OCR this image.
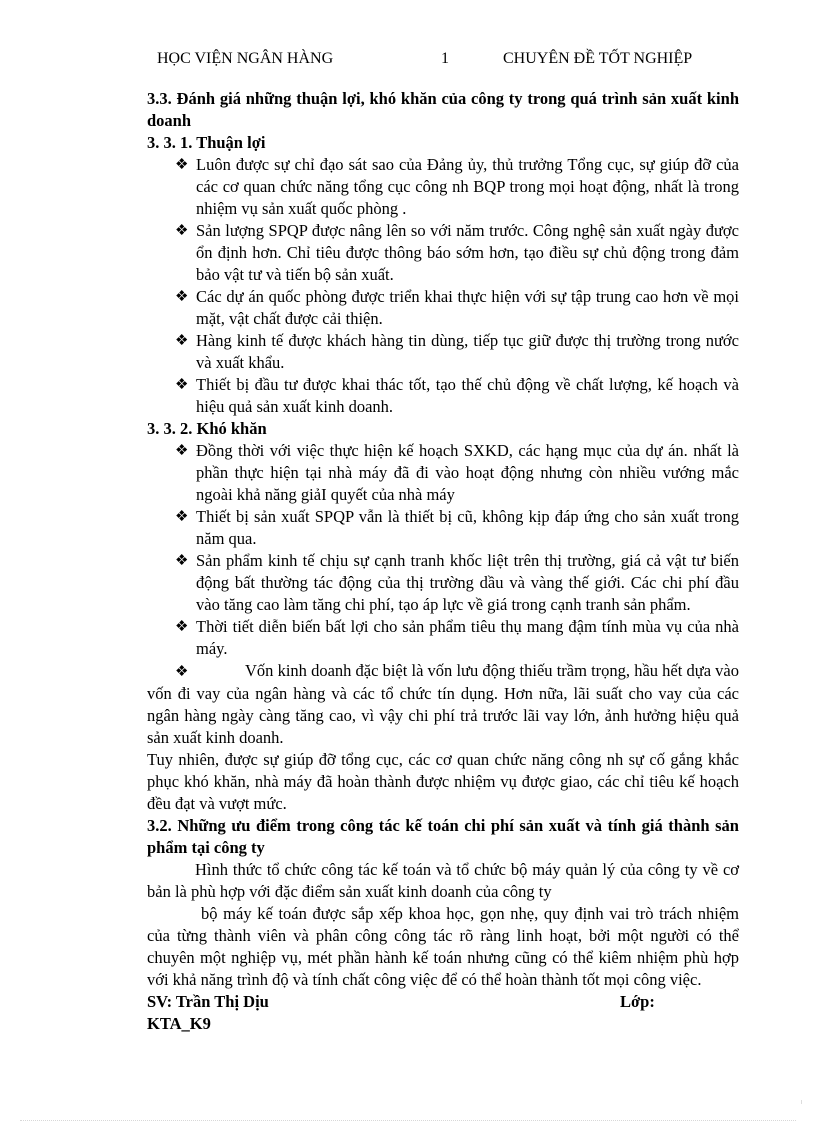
HỌC VIỆN NGÂN HÀNG	1	CHUYÊN ĐỀ TỐT NGHIỆP
3.3. Đánh giá những thuận lợi, khó khăn của công ty trong quá trình sản xuất kinh doanh
3. 3. 1. Thuận lợi
❖ Luôn được sự chỉ đạo sát sao của Đảng ủy, thủ trưởng Tổng cục, sự giúp đỡ của các cơ quan chức năng tổng cục công nh BQP trong mọi hoạt động, nhất là trong nhiệm vụ sản xuất quốc phòng .
❖ Sản lượng SPQP được nâng lên so với năm trước. Công nghệ sản xuất ngày được ổn định hơn. Chỉ tiêu được thông báo sớm hơn, tạo điều sự chủ động trong đảm bảo vật tư và tiến bộ sản xuất.
❖ Các dự án quốc phòng được triển khai thực hiện với sự tập trung cao hơn về mọi mặt, vật chất được cải thiện.
❖ Hàng kinh tế được khách hàng tin dùng, tiếp tục giữ được thị trường trong nước và xuất khẩu.
❖ Thiết bị đầu tư được khai thác tốt, tạo thế chủ động về chất lượng, kế hoạch và hiệu quả sản xuất kinh doanh.
3. 3. 2. Khó khăn
❖ Đồng thời với việc thực hiện kế hoạch SXKD, các hạng mục của dự án. nhất là phần thực hiện tại nhà máy đã đi vào hoạt động nhưng còn nhiều vướng mắc ngoài khả năng giảI quyết của nhà máy
❖ Thiết bị sản xuất SPQP vẫn là thiết bị cũ, không kịp đáp ứng cho sản xuất trong năm qua.
❖ Sản phẩm kinh tế chịu sự cạnh tranh khốc liệt trên thị trường, giá cả vật tư biến động bất thường tác động của thị trường dầu và vàng thế giới. Các chi phí đầu vào tăng cao làm tăng chi phí, tạo áp lực về giá trong cạnh tranh sản phẩm.
❖ Thời tiết diễn biến bất lợi cho sản phẩm tiêu thụ mang đậm tính mùa vụ của nhà máy.
❖	Vốn kinh doanh đặc biệt là vốn lưu động thiếu trầm trọng, hầu hết dựa vào vốn đi vay của ngân hàng và các tổ chức tín dụng. Hơn nữa, lãi suất cho vay của các ngân hàng ngày càng tăng cao, vì vậy chi phí trả trước lãi vay lớn, ảnh hưởng hiệu quả sản xuất kinh doanh.
Tuy nhiên, được sự giúp đỡ tổng cục, các cơ quan chức năng công nh sự cố gắng khắc phục khó khăn, nhà máy đã hoàn thành được nhiệm vụ được giao, các chỉ tiêu kế hoạch đều đạt và vượt mức.
3.2. Những ưu điểm trong công tác kế toán chi phí sản xuất và tính giá thành sản phẩm tại công ty
Hình thức tổ chức công tác kế toán và tổ chức bộ máy quản lý của công ty về cơ bản là phù hợp với đặc điểm sản xuất kinh doanh của công ty
bộ máy kế toán được sắp xếp khoa học, gọn nhẹ, quy định vai trò trách nhiệm của từng thành viên và phân công công tác rõ ràng linh hoạt, bởi một người có thể chuyên một nghiệp vụ, mét phần hành kế toán nhưng cũng có thể kiêm nhiệm phù hợp với khả năng trình độ và tính chất công việc để có thể hoàn thành tốt mọi công việc.
SV: Trần Thị Dịu	Lớp:
KTA_K9
